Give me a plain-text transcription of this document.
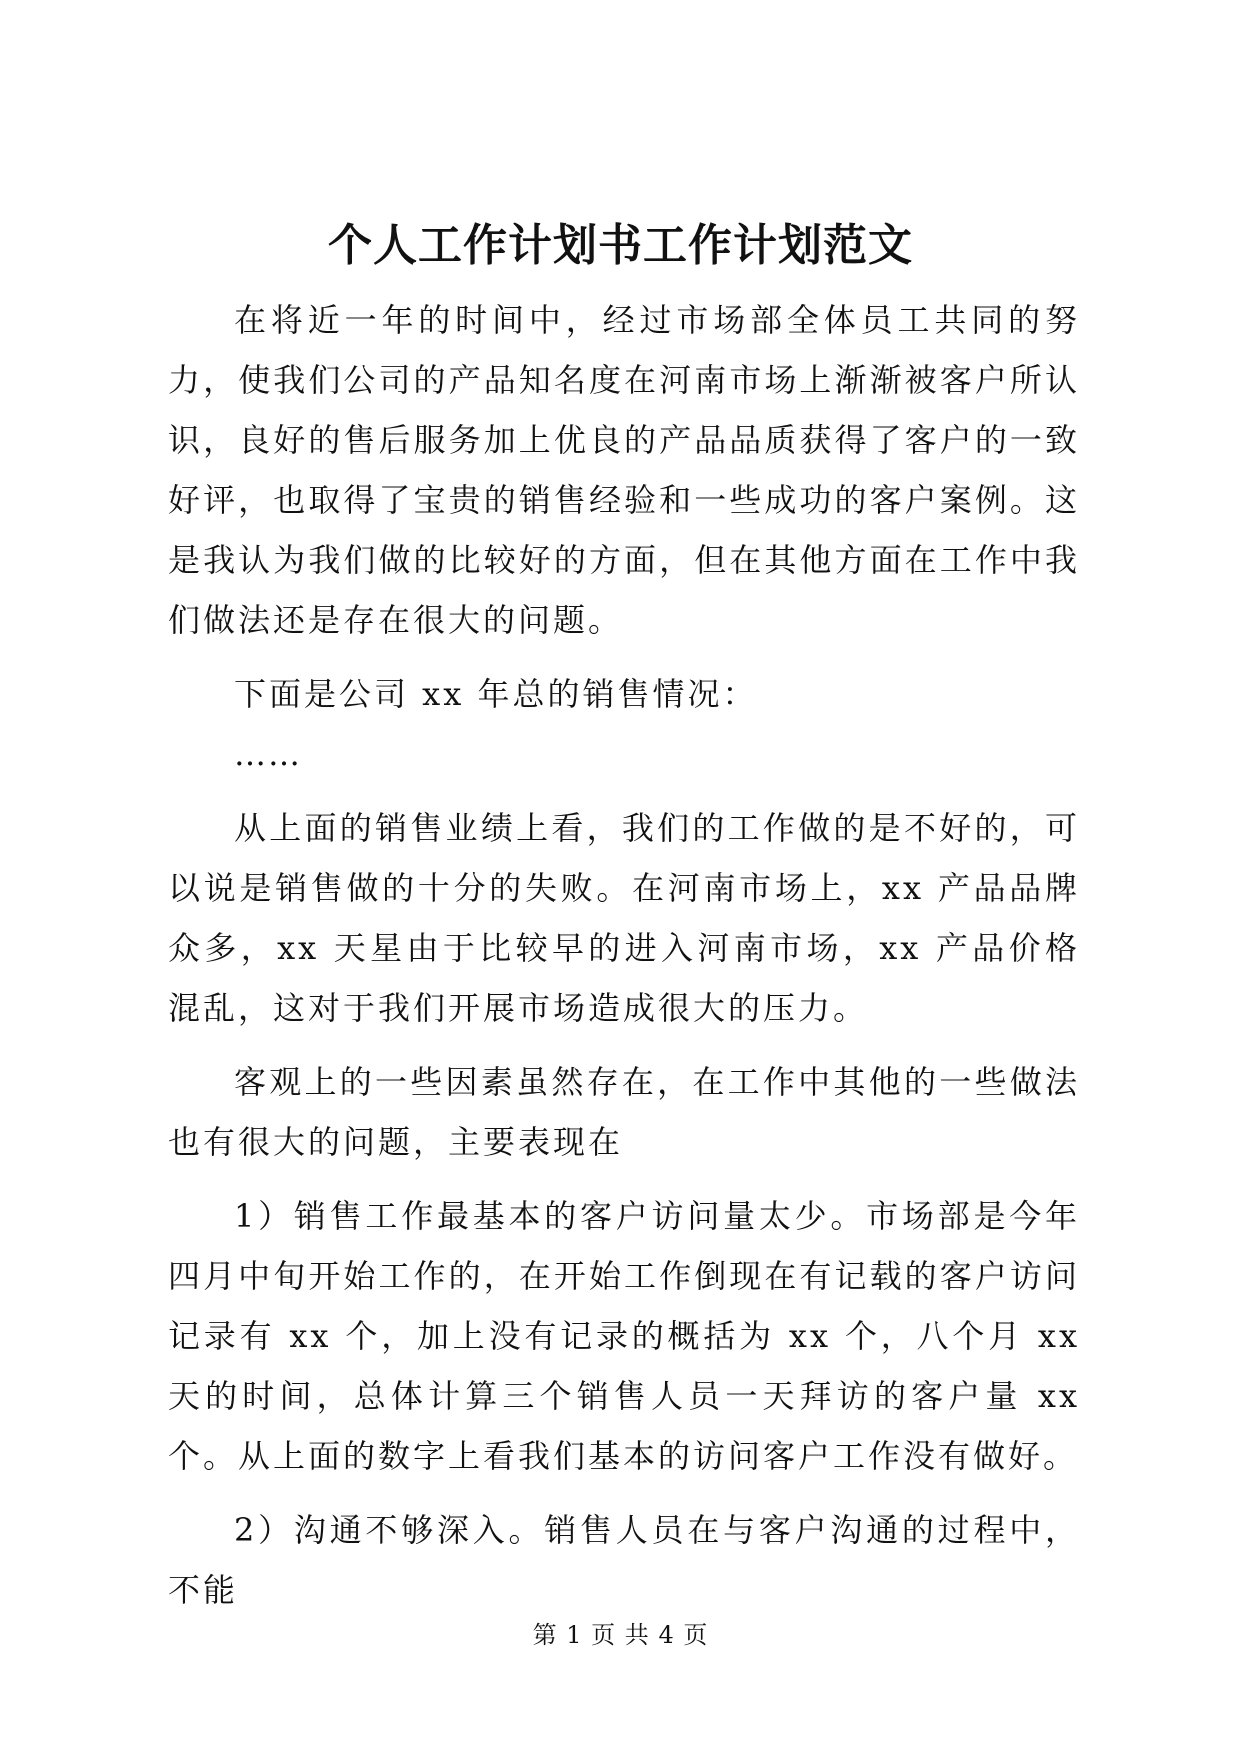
个人工作计划书工作计划范文

在将近一年的时间中，经过市场部全体员工共同的努力，使我们公司的产品知名度在河南市场上渐渐被客户所认识，良好的售后服务加上优良的产品品质获得了客户的一致好评，也取得了宝贵的销售经验和一些成功的客户案例。这是我认为我们做的比较好的方面，但在其他方面在工作中我们做法还是存在很大的问题。

下面是公司 xx 年总的销售情况：

……

从上面的销售业绩上看，我们的工作做的是不好的，可以说是销售做的十分的失败。在河南市场上，xx 产品品牌众多，xx 天星由于比较早的进入河南市场，xx 产品价格混乱，这对于我们开展市场造成很大的压力。

客观上的一些因素虽然存在，在工作中其他的一些做法也有很大的问题，主要表现在

1）销售工作最基本的客户访问量太少。市场部是今年四月中旬开始工作的，在开始工作倒现在有记载的客户访问记录有 xx 个，加上没有记录的概括为 xx 个，八个月 xx 天的时间，总体计算三个销售人员一天拜访的客户量 xx 个。从上面的数字上看我们基本的访问客户工作没有做好。

2）沟通不够深入。销售人员在与客户沟通的过程中，不能

第 1 页 共 4 页
